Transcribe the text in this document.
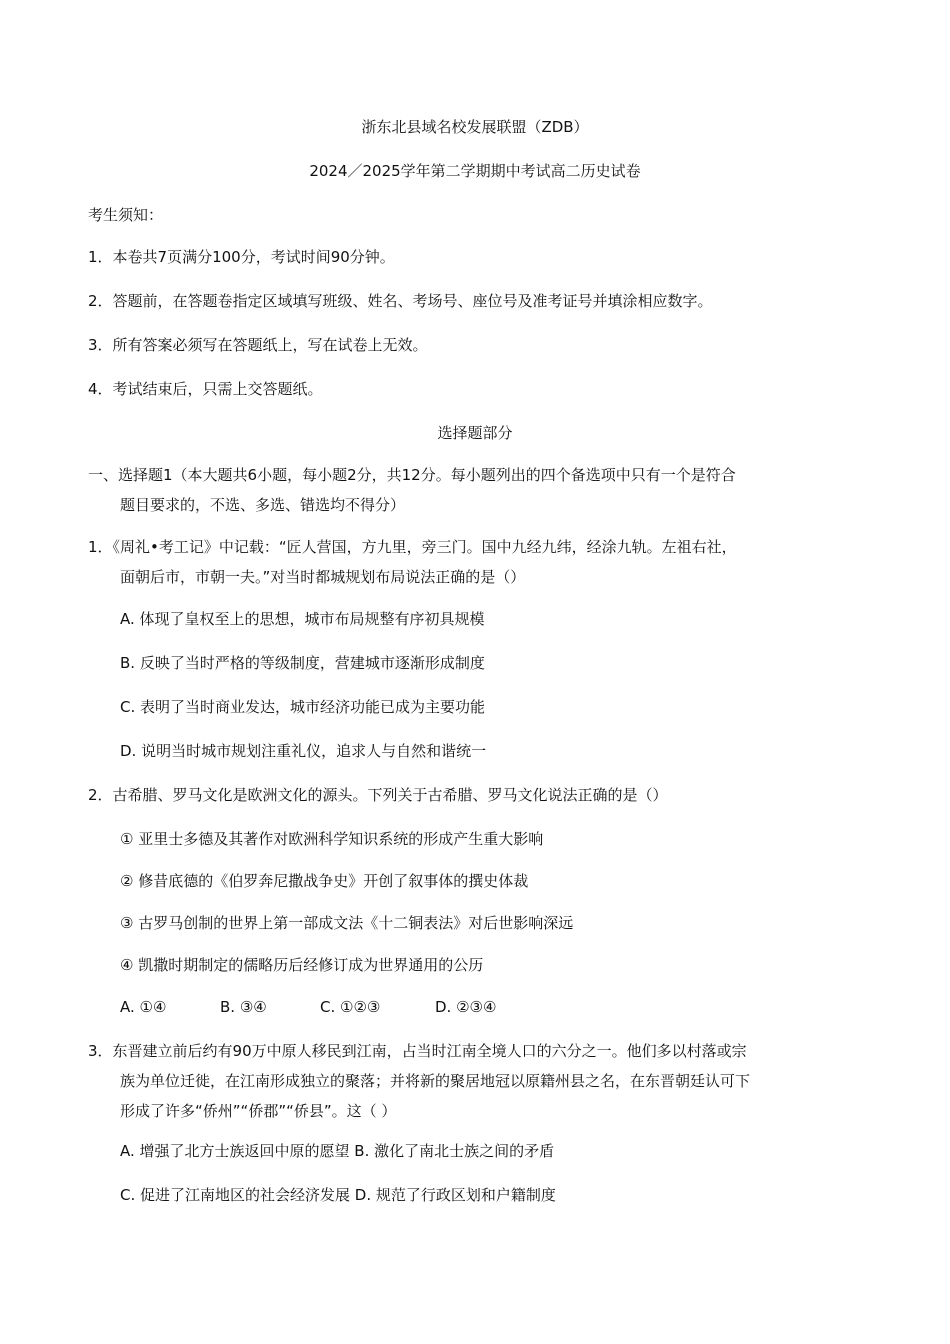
浙东北县域名校发展联盟（ZDB）
2024／2025学年第二学期期中考试高二历史试卷
考生须知：
1．本卷共7页满分100分，考试时间90分钟。
2．答题前，在答题卷指定区域填写班级、姓名、考场号、座位号及准考证号并填涂相应数字。
3．所有答案必须写在答题纸上，写在试卷上无效。
4．考试结束后，只需上交答题纸。
选择题部分
一、选择题1（本大题共6小题，每小题2分，共12分。每小题列出的四个备选项中只有一个是符合
题目要求的，不选、多选、错选均不得分）
1．《周礼•考工记》中记载：“匠人营国，方九里，旁三门。国中九经九纬，经涂九轨。左祖右社，
面朝后市，市朝一夫。”对当时都城规划布局说法正确的是（）
A. 体现了皇权至上的思想，城市布局规整有序初具规模
B. 反映了当时严格的等级制度，营建城市逐渐形成制度
C. 表明了当时商业发达，城市经济功能已成为主要功能
D. 说明当时城市规划注重礼仪，追求人与自然和谐统一
2．古希腊、罗马文化是欧洲文化的源头。下列关于古希腊、罗马文化说法正确的是（）
① 亚里士多德及其著作对欧洲科学知识系统的形成产生重大影响
② 修昔底德的《伯罗奔尼撒战争史》开创了叙事体的撰史体裁
③ 古罗马创制的世界上第一部成文法《十二铜表法》对后世影响深远
④ 凯撒时期制定的儒略历后经修订成为世界通用的公历
A. ①④	B. ③④	C. ①②③	D. ②③④
3．东晋建立前后约有90万中原人移民到江南，占当时江南全境人口的六分之一。他们多以村落或宗
族为单位迁徙，在江南形成独立的聚落；并将新的聚居地冠以原籍州县之名，在东晋朝廷认可下
形成了许多“侨州”“侨郡”“侨县”。这（ ）
A. 增强了北方士族返回中原的愿望 B. 激化了南北士族之间的矛盾
C. 促进了江南地区的社会经济发展 D. 规范了行政区划和户籍制度
